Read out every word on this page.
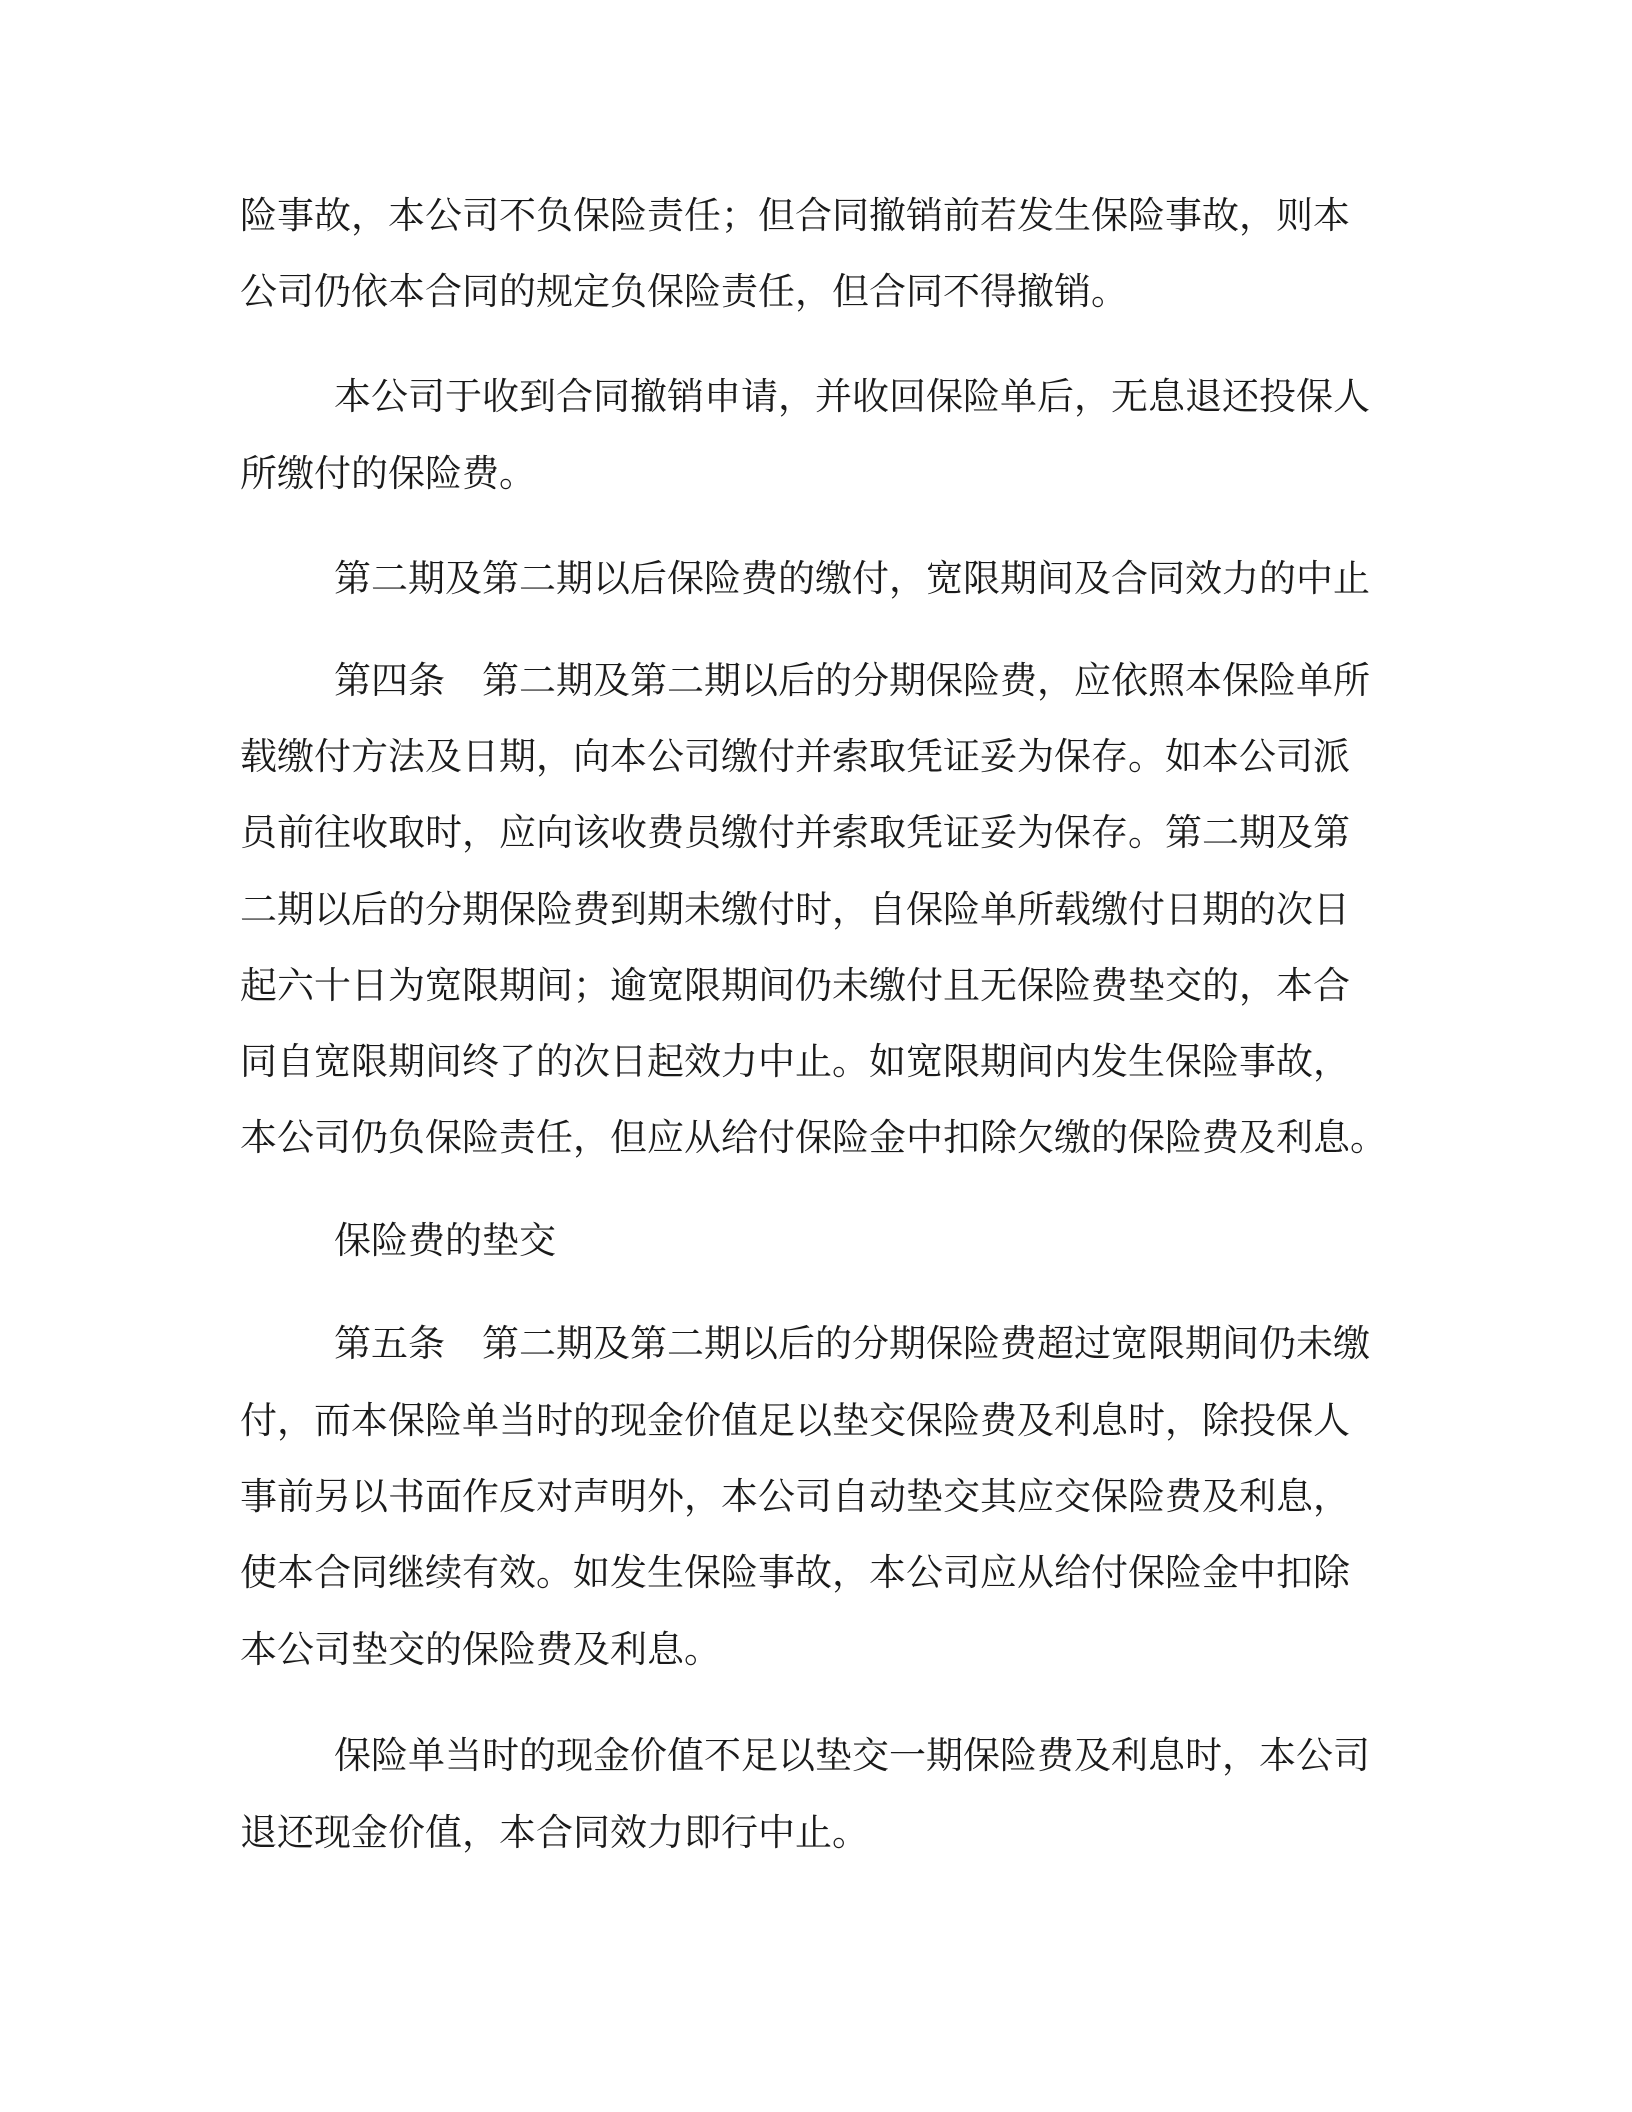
险事故，本公司不负保险责任；但合同撤销前若发生保险事故，则本

公司仍依本合同的规定负保险责任，但合同不得撤销。

本公司于收到合同撤销申请，并收回保险单后，无息退还投保人

所缴付的保险费。

第二期及第二期以后保险费的缴付，宽限期间及合同效力的中止

第四条　第二期及第二期以后的分期保险费，应依照本保险单所

载缴付方法及日期，向本公司缴付并索取凭证妥为保存。如本公司派

员前往收取时，应向该收费员缴付并索取凭证妥为保存。第二期及第

二期以后的分期保险费到期未缴付时，自保险单所载缴付日期的次日

起六十日为宽限期间；逾宽限期间仍未缴付且无保险费垫交的，本合

同自宽限期间终了的次日起效力中止。如宽限期间内发生保险事故，

本公司仍负保险责任，但应从给付保险金中扣除欠缴的保险费及利息。

保险费的垫交

第五条　第二期及第二期以后的分期保险费超过宽限期间仍未缴

付，而本保险单当时的现金价值足以垫交保险费及利息时，除投保人

事前另以书面作反对声明外，本公司自动垫交其应交保险费及利息，

使本合同继续有效。如发生保险事故，本公司应从给付保险金中扣除

本公司垫交的保险费及利息。

保险单当时的现金价值不足以垫交一期保险费及利息时，本公司

退还现金价值，本合同效力即行中止。
